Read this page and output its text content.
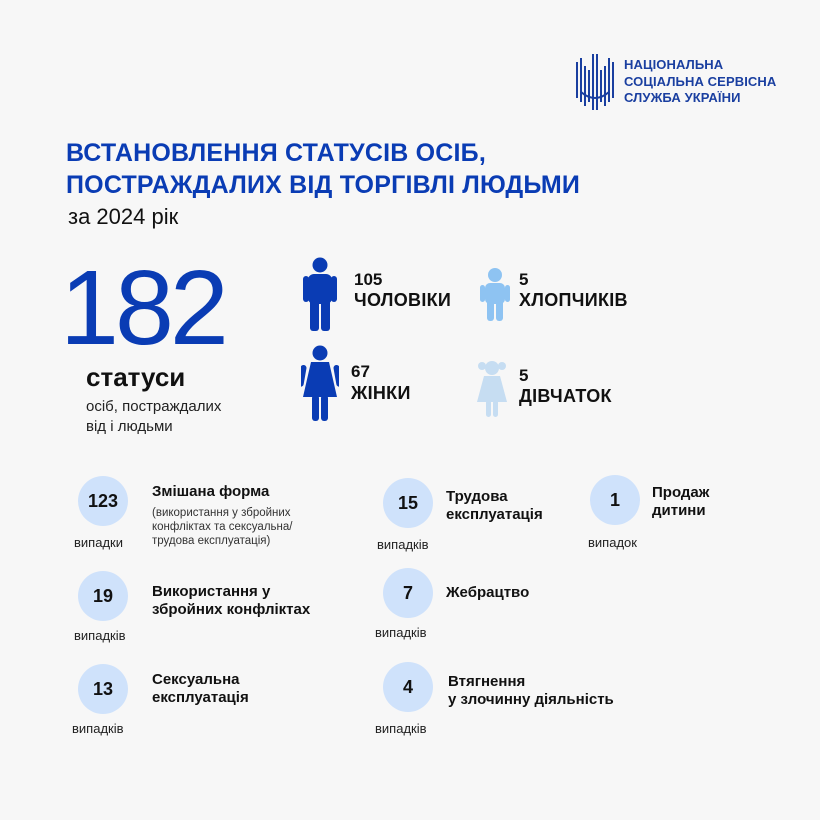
НАЦІОНАЛЬНА
СОЦІАЛЬНА СЕРВІСНА
СЛУЖБА УКРАЇНИ
ВСТАНОВЛЕННЯ СТАТУСІВ ОСІБ,
ПОСТРАЖДАЛИХ ВІД ТОРГІВЛІ ЛЮДЬМИ
за 2024 рік
182
статуси
осіб, постраждалих
від і людьми
105
ЧОЛОВІКИ
5
ХЛОПЧИКІВ
67
ЖІНКИ
5
ДІВЧАТОК
123
випадки
Змішана форма
(використання у збройних
конфліктах та сексуальна/
трудова експлуатація)
15
випадків
Трудова
експлуатація
1
випадок
Продаж
дитини
19
випадків
Використання у
збройних конфліктах
7
випадків
Жебрацтво
13
випадків
Сексуальна
експлуатація
4
випадків
Втягнення
у злочинну діяльність
